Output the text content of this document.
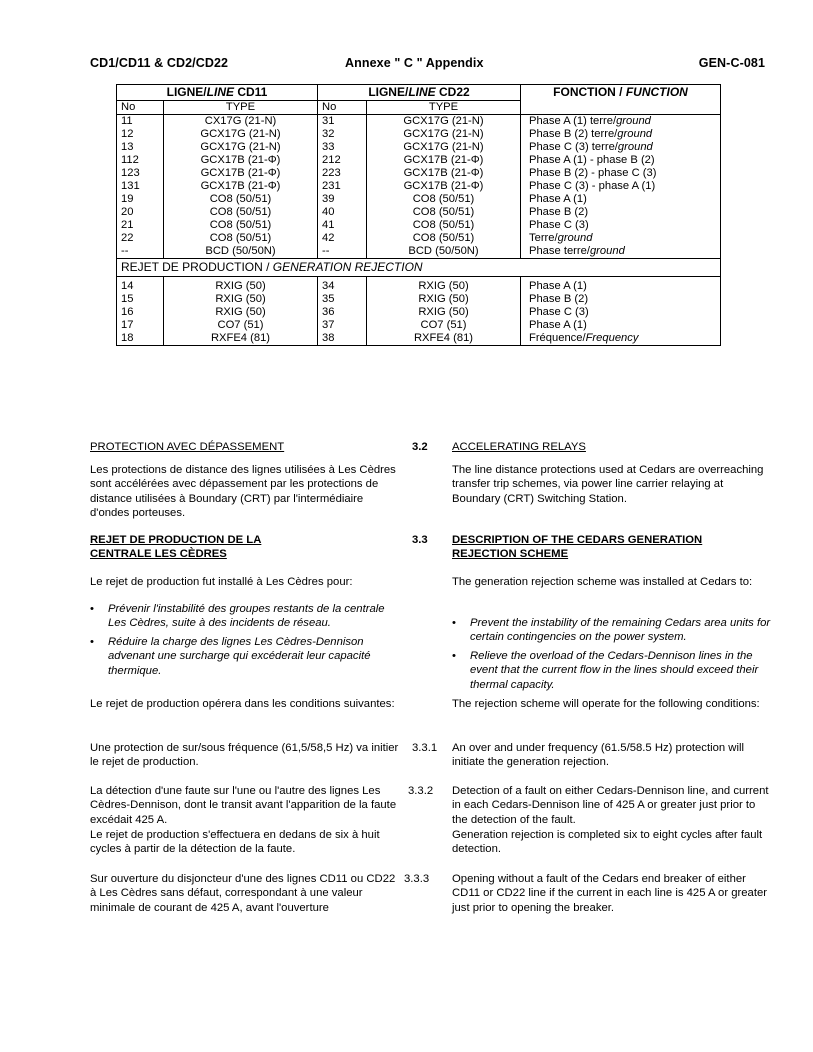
CD1/CD11 & CD2/CD22	Annexe " C " Appendix	GEN-C-081
LIGNE/LINE CD11		LIGNE/LINE CD22		FONCTION / FUNCTION
No	TYPE	No	TYPE	
11	CX17G (21-N)	31	GCX17G (21-N)	Phase A (1) terre/ground
12	GCX17G (21-N)	32	GCX17G (21-N)	Phase B (2) terre/ground
13	GCX17G (21-N)	33	GCX17G (21-N)	Phase C (3) terre/ground
112	GCX17B (21-Φ)	212	GCX17B (21-Φ)	Phase A (1) - phase B (2)
123	GCX17B (21-Φ)	223	GCX17B (21-Φ)	Phase B (2) - phase C (3)
131	GCX17B (21-Φ)	231	GCX17B (21-Φ)	Phase C (3) - phase A (1)
19	CO8 (50/51)	39	CO8 (50/51)	Phase A (1)
20	CO8 (50/51)	40	CO8 (50/51)	Phase B (2)
21	CO8 (50/51)	41	CO8 (50/51)	Phase C (3)
22	CO8 (50/51)	42	CO8 (50/51)	Terre/ground
--	BCD (50/50N)	--	BCD (50/50N)	Phase terre/ground
REJET DE PRODUCTION / GENERATION REJECTION				
14	RXIG (50)	34	RXIG (50)	Phase A (1)
15	RXIG (50)	35	RXIG (50)	Phase B (2)
16	RXIG (50)	36	RXIG (50)	Phase C (3)
17	CO7 (51)	37	CO7 (51)	Phase A (1)
18	RXFE4 (81)	38	RXFE4 (81)	Fréquence/Frequency
PROTECTION AVEC DÉPASSEMENT

Les protections de distance des lignes utilisées à Les Cèdres sont accélérées avec dépassement par les protections de distance utilisées à Boundary (CRT) par l'intermédiaire d'ondes porteuses.

REJET DE PRODUCTION DE LA
CENTRALE LES CÈDRES

Le rejet de production fut installé à Les Cèdres pour:

• Prévenir l'instabilité des groupes restants de la centrale Les Cèdres, suite à des incidents de réseau.
• Réduire la charge des lignes Les Cèdres-Dennison advenant une surcharge qui excéderait leur capacité thermique.

Le rejet de production opérera dans les conditions suivantes:

Une protection de sur/sous fréquence (61,5/58,5 Hz) va initier le rejet de production.

La détection d'une faute sur l'une ou l'autre des lignes Les Cèdres-Dennison, dont le transit avant l'apparition de la faute excédait 425 A.

Le rejet de production s'effectuera en dedans de six à huit cycles à partir de la détection de la faute.

Sur ouverture du disjoncteur d'une des lignes CD11 ou CD22 à Les Cèdres sans défaut, correspondant à une valeur minimale de courant de 425 A, avant l'ouverture

3.2 ACCELERATING RELAYS

The line distance protections used at Cedars are overreaching transfer trip schemes, via power line carrier relaying at Boundary (CRT) Switching Station.

3.3 DESCRIPTION OF THE CEDARS GENERATION
REJECTION SCHEME

The generation rejection scheme was installed at Cedars to:

• Prevent the instability of the remaining Cedars area units for certain contingencies on the power system.
• Relieve the overload of the Cedars-Dennison lines in the event that the current flow in the lines should exceed their thermal capacity.

The rejection scheme will operate for the following conditions:

3.3.1 An over and under frequency (61.5/58.5 Hz) protection will initiate the generation rejection.

3.3.2 Detection of a fault on either Cedars-Dennison line, and current in each Cedars-Dennison line of 425 A or greater just prior to the detection of the fault.

Generation rejection is completed six to eight cycles after fault detection.

3.3.3 Opening without a fault of the Cedars end breaker of either CD11 or CD22 line if the current in each line is 425 A or greater just prior to opening the breaker.
